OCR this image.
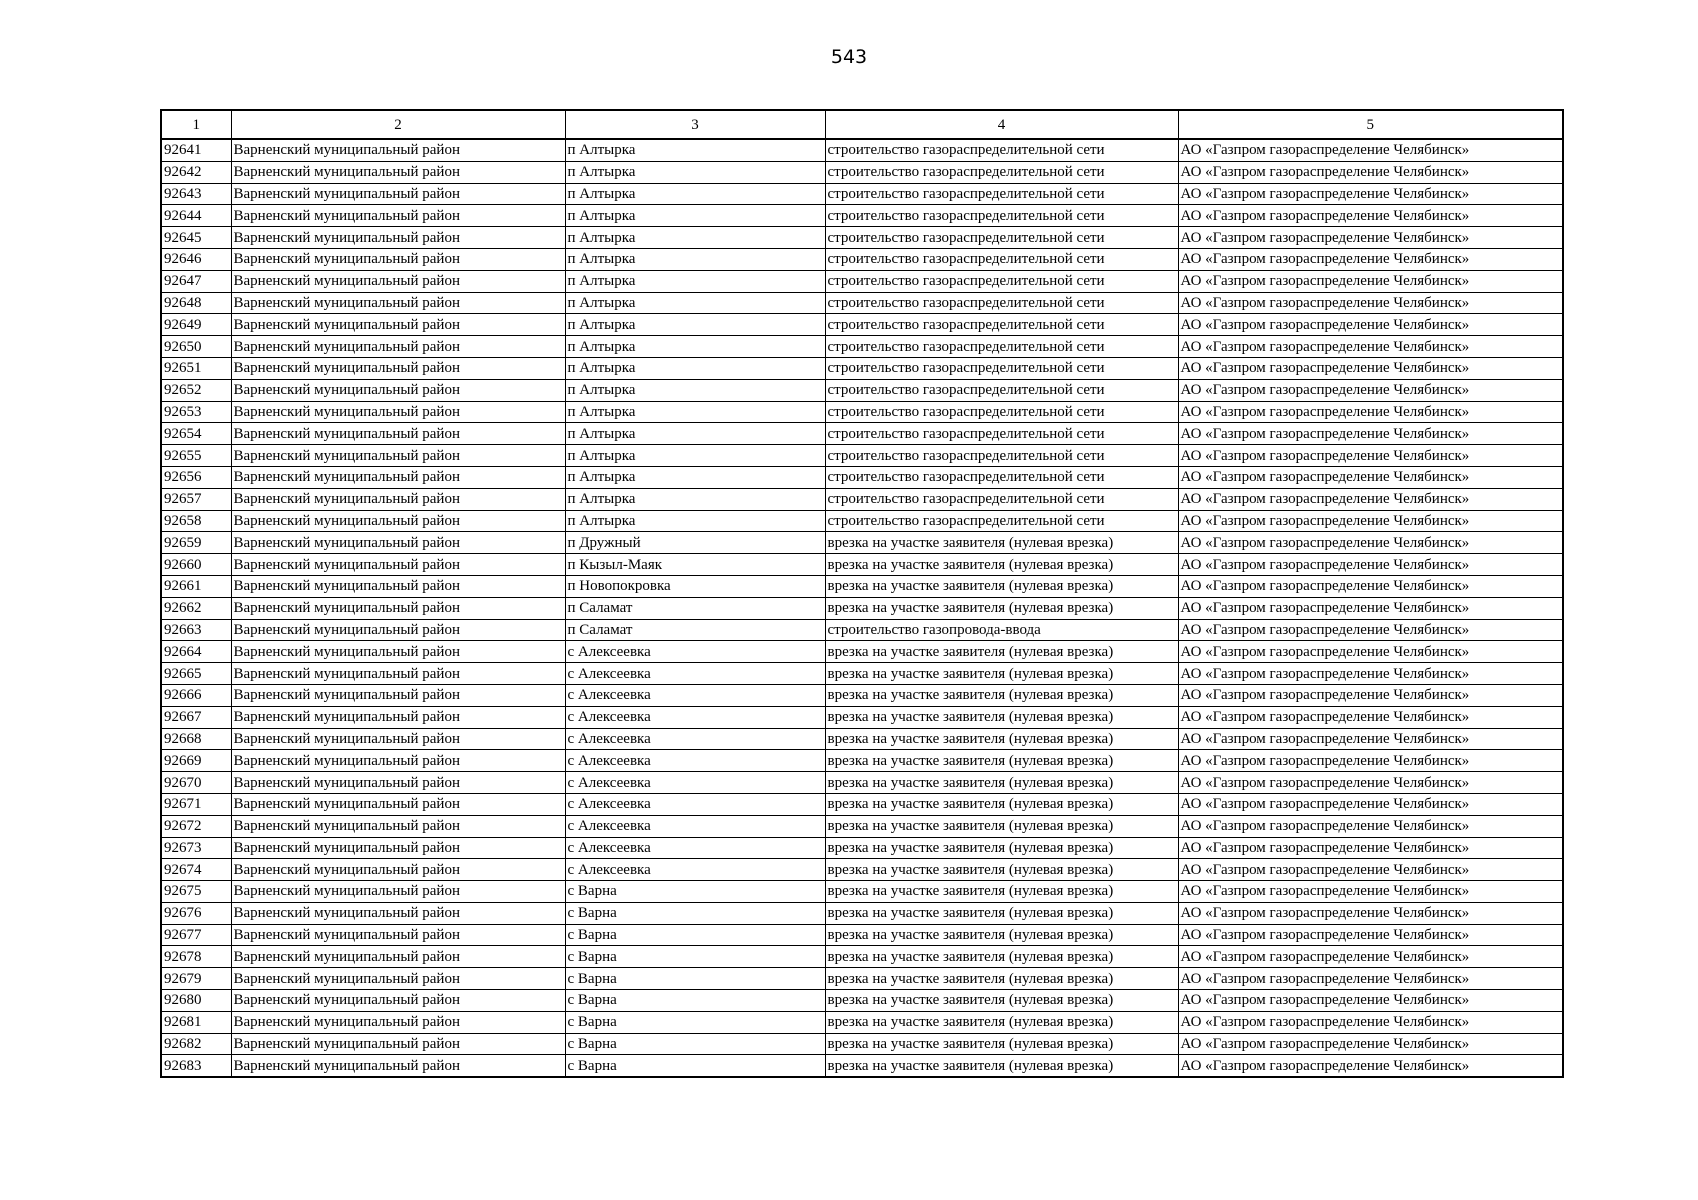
543
1	2	3	4	5
92641	Варненский муниципальный район	п Алтырка	строительство газораспределительной сети	АО «Газпром газораспределение Челябинск»
92642	Варненский муниципальный район	п Алтырка	строительство газораспределительной сети	АО «Газпром газораспределение Челябинск»
92643	Варненский муниципальный район	п Алтырка	строительство газораспределительной сети	АО «Газпром газораспределение Челябинск»
92644	Варненский муниципальный район	п Алтырка	строительство газораспределительной сети	АО «Газпром газораспределение Челябинск»
92645	Варненский муниципальный район	п Алтырка	строительство газораспределительной сети	АО «Газпром газораспределение Челябинск»
92646	Варненский муниципальный район	п Алтырка	строительство газораспределительной сети	АО «Газпром газораспределение Челябинск»
92647	Варненский муниципальный район	п Алтырка	строительство газораспределительной сети	АО «Газпром газораспределение Челябинск»
92648	Варненский муниципальный район	п Алтырка	строительство газораспределительной сети	АО «Газпром газораспределение Челябинск»
92649	Варненский муниципальный район	п Алтырка	строительство газораспределительной сети	АО «Газпром газораспределение Челябинск»
92650	Варненский муниципальный район	п Алтырка	строительство газораспределительной сети	АО «Газпром газораспределение Челябинск»
92651	Варненский муниципальный район	п Алтырка	строительство газораспределительной сети	АО «Газпром газораспределение Челябинск»
92652	Варненский муниципальный район	п Алтырка	строительство газораспределительной сети	АО «Газпром газораспределение Челябинск»
92653	Варненский муниципальный район	п Алтырка	строительство газораспределительной сети	АО «Газпром газораспределение Челябинск»
92654	Варненский муниципальный район	п Алтырка	строительство газораспределительной сети	АО «Газпром газораспределение Челябинск»
92655	Варненский муниципальный район	п Алтырка	строительство газораспределительной сети	АО «Газпром газораспределение Челябинск»
92656	Варненский муниципальный район	п Алтырка	строительство газораспределительной сети	АО «Газпром газораспределение Челябинск»
92657	Варненский муниципальный район	п Алтырка	строительство газораспределительной сети	АО «Газпром газораспределение Челябинск»
92658	Варненский муниципальный район	п Алтырка	строительство газораспределительной сети	АО «Газпром газораспределение Челябинск»
92659	Варненский муниципальный район	п Дружный	врезка на участке заявителя (нулевая врезка)	АО «Газпром газораспределение Челябинск»
92660	Варненский муниципальный район	п Кызыл-Маяк	врезка на участке заявителя (нулевая врезка)	АО «Газпром газораспределение Челябинск»
92661	Варненский муниципальный район	п Новопокровка	врезка на участке заявителя (нулевая врезка)	АО «Газпром газораспределение Челябинск»
92662	Варненский муниципальный район	п Саламат	врезка на участке заявителя (нулевая врезка)	АО «Газпром газораспределение Челябинск»
92663	Варненский муниципальный район	п Саламат	строительство газопровода-ввода	АО «Газпром газораспределение Челябинск»
92664	Варненский муниципальный район	с Алексеевка	врезка на участке заявителя (нулевая врезка)	АО «Газпром газораспределение Челябинск»
92665	Варненский муниципальный район	с Алексеевка	врезка на участке заявителя (нулевая врезка)	АО «Газпром газораспределение Челябинск»
92666	Варненский муниципальный район	с Алексеевка	врезка на участке заявителя (нулевая врезка)	АО «Газпром газораспределение Челябинск»
92667	Варненский муниципальный район	с Алексеевка	врезка на участке заявителя (нулевая врезка)	АО «Газпром газораспределение Челябинск»
92668	Варненский муниципальный район	с Алексеевка	врезка на участке заявителя (нулевая врезка)	АО «Газпром газораспределение Челябинск»
92669	Варненский муниципальный район	с Алексеевка	врезка на участке заявителя (нулевая врезка)	АО «Газпром газораспределение Челябинск»
92670	Варненский муниципальный район	с Алексеевка	врезка на участке заявителя (нулевая врезка)	АО «Газпром газораспределение Челябинск»
92671	Варненский муниципальный район	с Алексеевка	врезка на участке заявителя (нулевая врезка)	АО «Газпром газораспределение Челябинск»
92672	Варненский муниципальный район	с Алексеевка	врезка на участке заявителя (нулевая врезка)	АО «Газпром газораспределение Челябинск»
92673	Варненский муниципальный район	с Алексеевка	врезка на участке заявителя (нулевая врезка)	АО «Газпром газораспределение Челябинск»
92674	Варненский муниципальный район	с Алексеевка	врезка на участке заявителя (нулевая врезка)	АО «Газпром газораспределение Челябинск»
92675	Варненский муниципальный район	с Варна	врезка на участке заявителя (нулевая врезка)	АО «Газпром газораспределение Челябинск»
92676	Варненский муниципальный район	с Варна	врезка на участке заявителя (нулевая врезка)	АО «Газпром газораспределение Челябинск»
92677	Варненский муниципальный район	с Варна	врезка на участке заявителя (нулевая врезка)	АО «Газпром газораспределение Челябинск»
92678	Варненский муниципальный район	с Варна	врезка на участке заявителя (нулевая врезка)	АО «Газпром газораспределение Челябинск»
92679	Варненский муниципальный район	с Варна	врезка на участке заявителя (нулевая врезка)	АО «Газпром газораспределение Челябинск»
92680	Варненский муниципальный район	с Варна	врезка на участке заявителя (нулевая врезка)	АО «Газпром газораспределение Челябинск»
92681	Варненский муниципальный район	с Варна	врезка на участке заявителя (нулевая врезка)	АО «Газпром газораспределение Челябинск»
92682	Варненский муниципальный район	с Варна	врезка на участке заявителя (нулевая врезка)	АО «Газпром газораспределение Челябинск»
92683	Варненский муниципальный район	с Варна	врезка на участке заявителя (нулевая врезка)	АО «Газпром газораспределение Челябинск»
